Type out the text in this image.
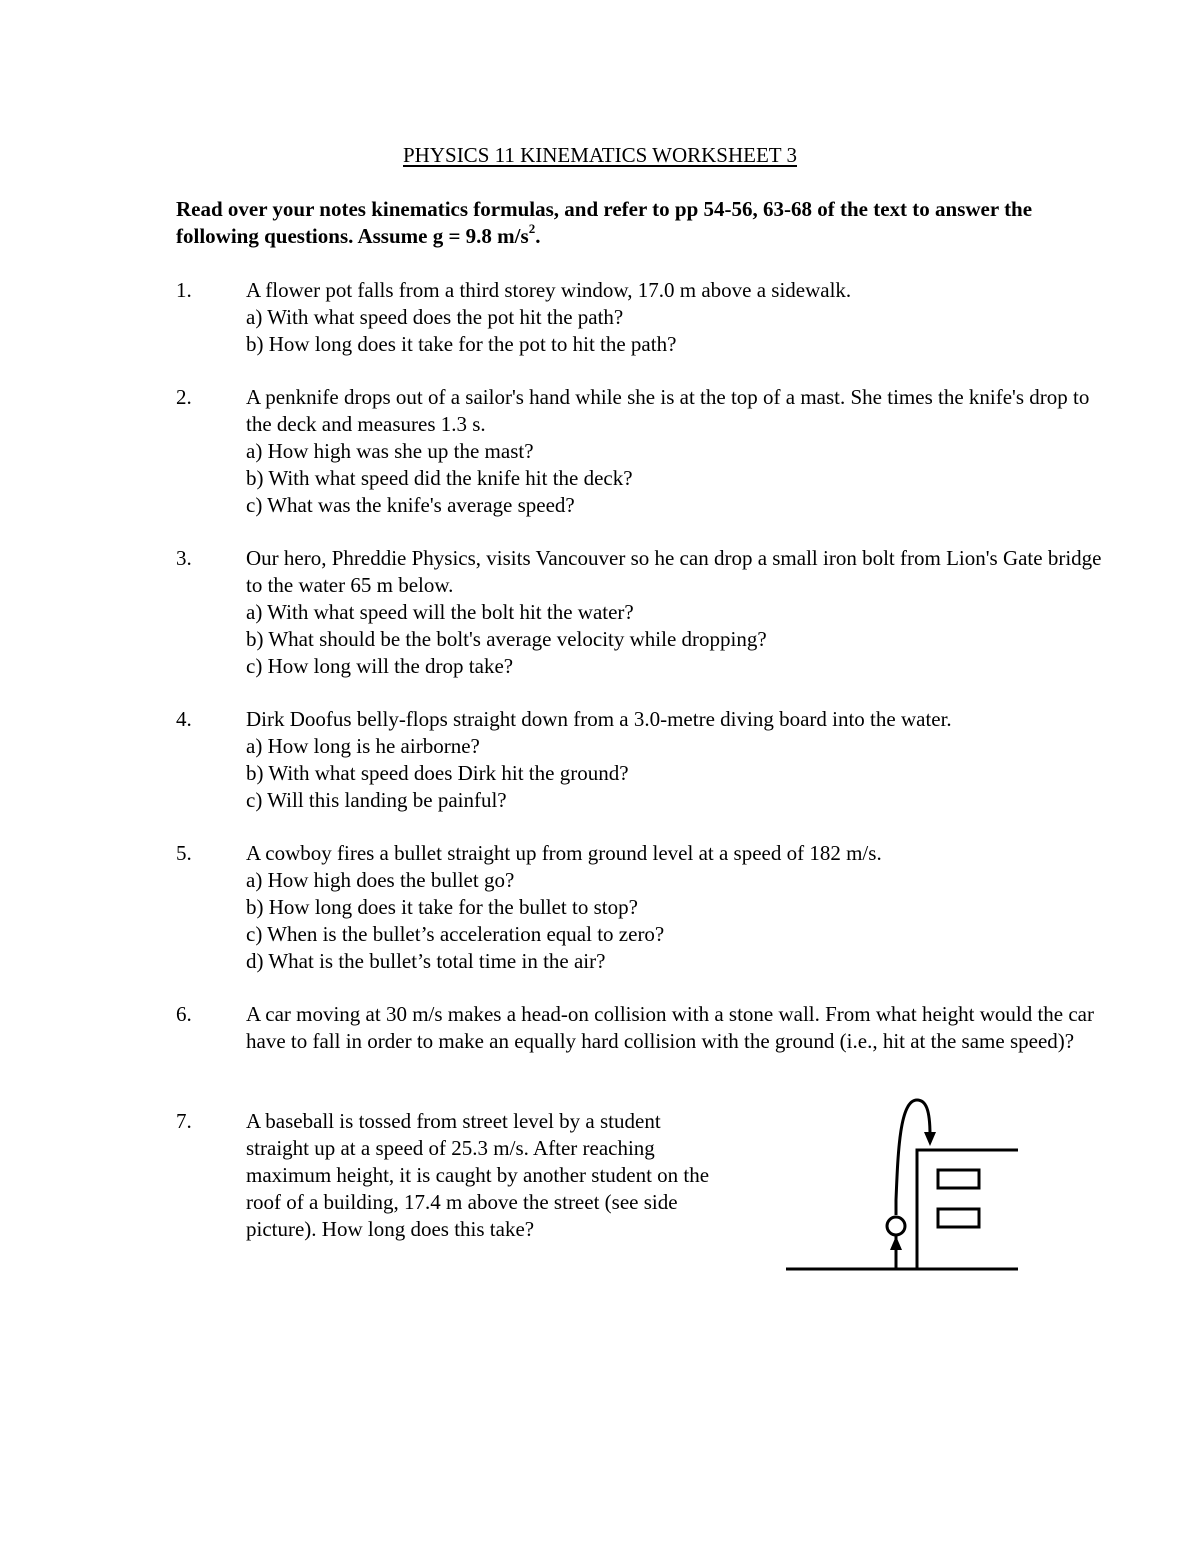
PHYSICS 11 KINEMATICS WORKSHEET 3
Read over your notes kinematics formulas, and refer to pp 54-56, 63-68 of the text to answer the following questions. Assume g = 9.8 $m/s^2$.
1.	A flower pot falls from a third storey window, 17.0 m above a sidewalk.
a) With what speed does the pot hit the path?
b) How long does it take for the pot to hit the path?
2.	A penknife drops out of a sailor's hand while she is at the top of a mast. She times the knife's drop to the deck and measures 1.3 s.
a) How high was she up the mast?
b) With what speed did the knife hit the deck?
c) What was the knife's average speed?
3.	Our hero, Phreddie Physics, visits Vancouver so he can drop a small iron bolt from Lion's Gate bridge to the water 65 m below.
a) With what speed will the bolt hit the water?
b) What should be the bolt's average velocity while dropping?
c) How long will the drop take?
4.	Dirk Doofus belly-flops straight down from a 3.0-metre diving board into the water.
a) How long is he airborne?
b) With what speed does Dirk hit the ground?
c) Will this landing be painful?
5.	A cowboy fires a bullet straight up from ground level at a speed of 182 m/s.
a) How high does the bullet go?
b) How long does it take for the bullet to stop?
c) When is the bullet’s acceleration equal to zero?
d) What is the bullet’s total time in the air?
6.	A car moving at 30 m/s makes a head-on collision with a stone wall. From what height would the car have to fall in order to make an equally hard collision with the ground (i.e., hit at the same speed)?
7.	A baseball is tossed from street level by a student straight up at a speed of 25.3 m/s. After reaching maximum height, it is caught by another student on the roof of a building, 17.4 m above the street (see side picture). How long does this take?
